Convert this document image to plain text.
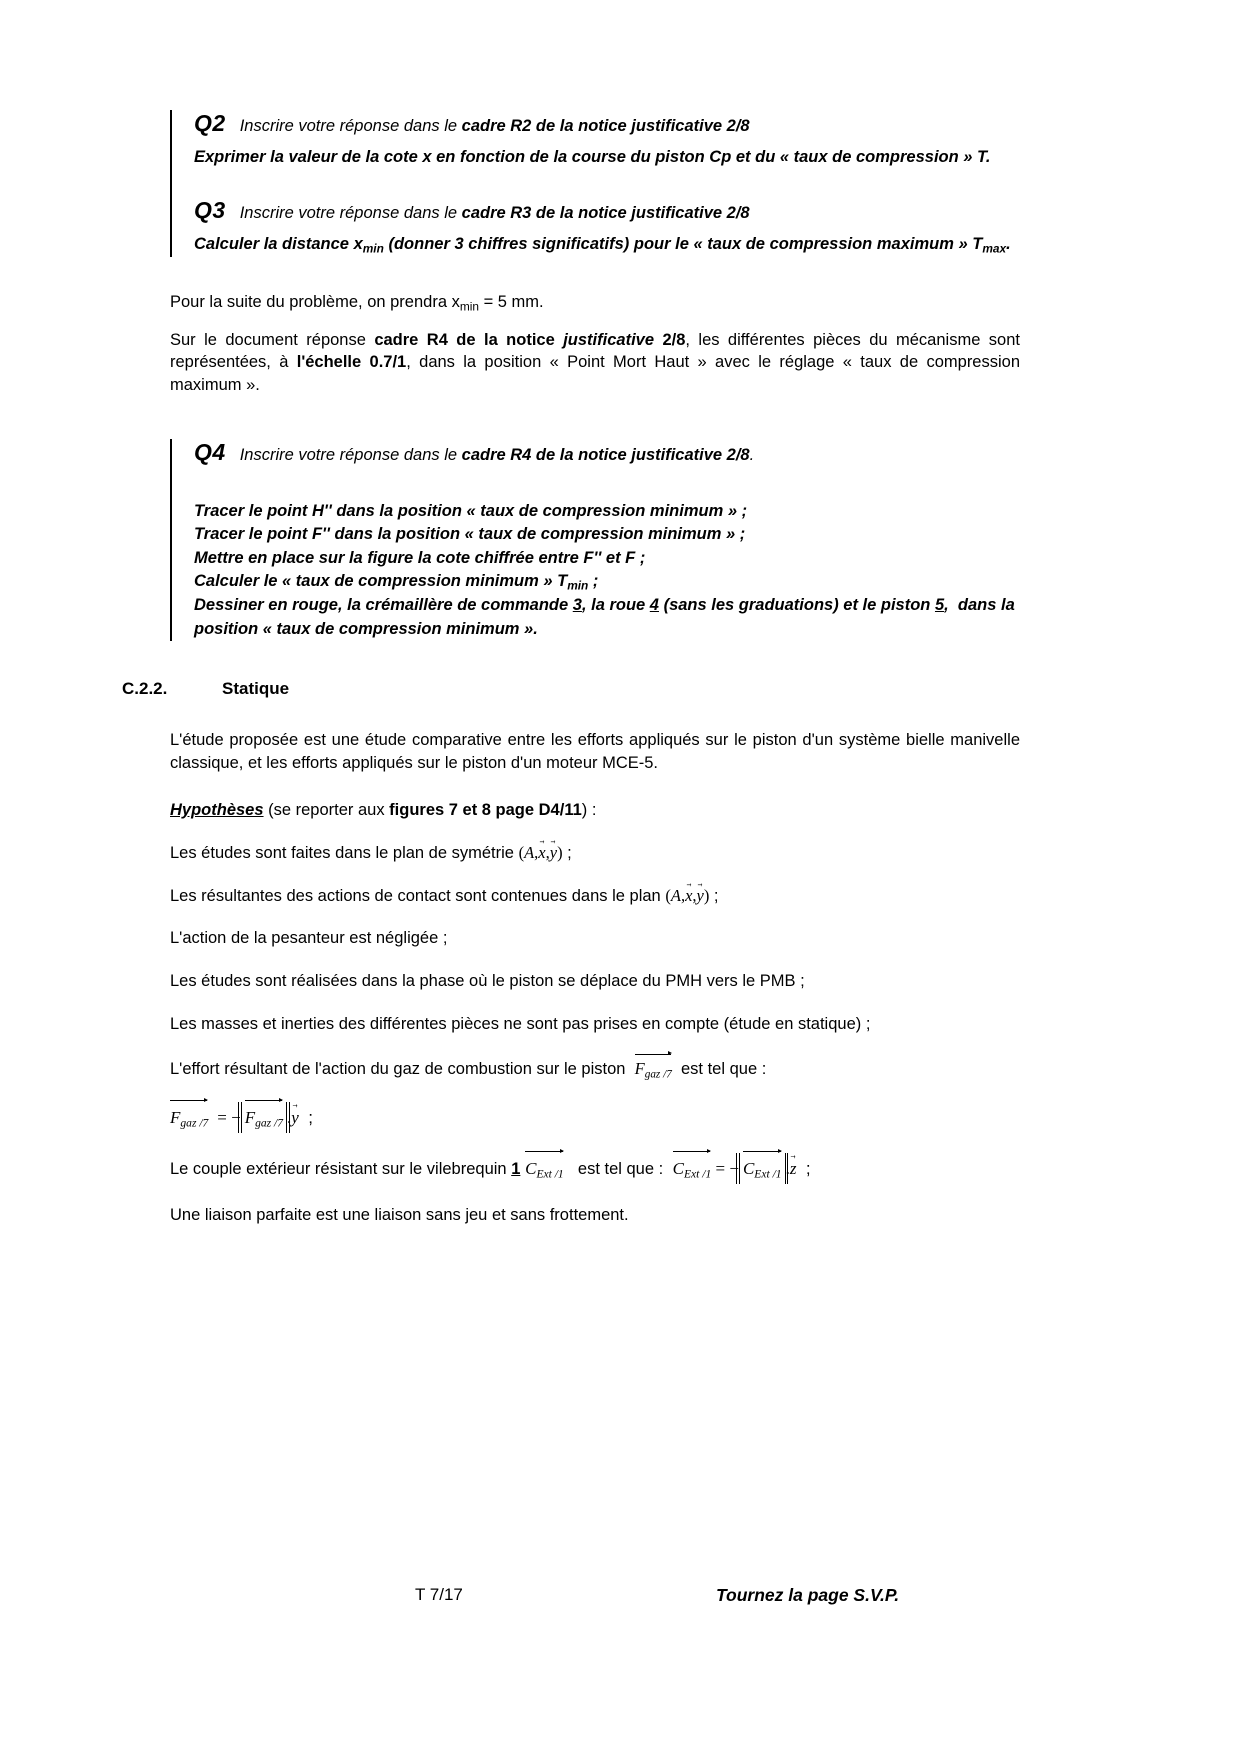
Q2 Inscrire votre réponse dans le cadre R2 de la notice justificative 2/8
Exprimer la valeur de la cote x en fonction de la course du piston Cp et du « taux de compression » T.
Q3 Inscrire votre réponse dans le cadre R3 de la notice justificative 2/8
Calculer la distance $x_{min}$ (donner 3 chiffres significatifs) pour le « taux de compression maximum » $T_{max}$.

Pour la suite du problème, on prendra $x_{min} = 5$ mm.

Sur le document réponse cadre R4 de la notice justificative 2/8, les différentes pièces du mécanisme sont représentées, à l'échelle 0.7/1, dans la position « Point Mort Haut » avec le réglage « taux de compression maximum ».

Q4 Inscrire votre réponse dans le cadre R4 de la notice justificative 2/8.
Tracer le point H'' dans la position « taux de compression minimum » ;
Tracer le point F'' dans la position « taux de compression minimum » ;
Mettre en place sur la figure la cote chiffrée entre F'' et F ;
Calculer le « taux de compression minimum » $T_{min}$ ;
Dessiner en rouge, la crémaillère de commande 3, la roue 4 (sans les graduations) et le piston 5,  dans la position « taux de compression minimum ».
C.2.2.	Statique

L'étude proposée est une étude comparative entre les efforts appliqués sur le piston d'un système bielle manivelle classique, et les efforts appliqués sur le piston d'un moteur MCE-5.

Hypothèses (se reporter aux figures 7 et 8 page D4/11) :
Les études sont faites dans le plan de symétrie (A,x →,y →) ;
Les résultantes des actions de contact sont contenues dans le plan (A,x →,y →) ;
L'action de la pesanteur est négligée ;
Les études sont réalisées dans la phase où le piston se déplace du PMH vers le PMB ;
Les masses et inerties des différentes pièces ne sont pas prises en compte (étude en statique) ;
L'effort résultant de l'action du gaz de combustion sur le piston $F_{gaz /7}$ est tel que :
$F_{gaz /7}$  = − $F_{gaz /7}$ .y →  ;
Le couple extérieur résistant sur le vilebrequin 1 $C_{Ext /1}$ est tel que : $C_{Ext /1}$ = − $C_{Ext /1}$ .z →  ;
Une liaison parfaite est une liaison sans jeu et sans frottement.
T 7/17	Tournez la page S.V.P.
